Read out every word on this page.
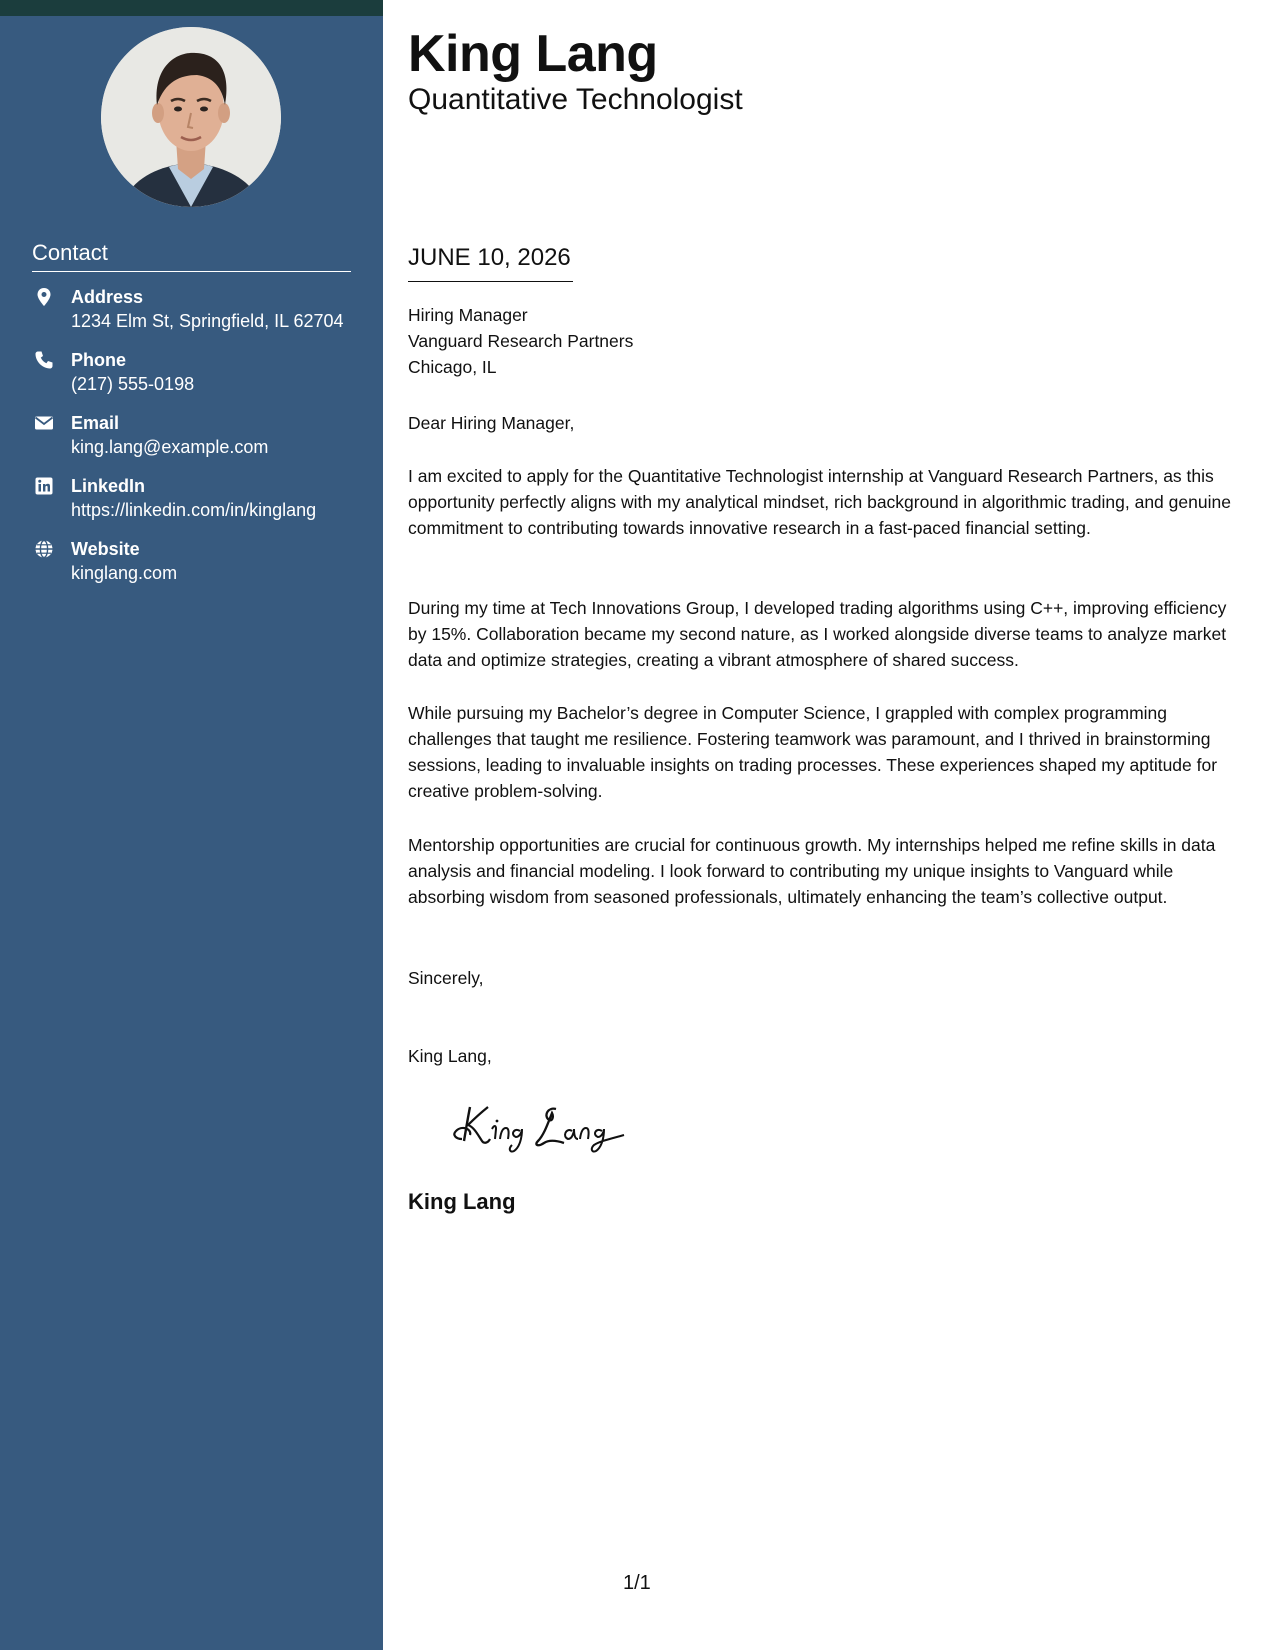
Contact
Address
1234 Elm St, Springfield, IL 62704
Phone
(217) 555-0198
Email
king.lang@example.com
LinkedIn
https://linkedin.com/in/kinglang
Website
kinglang.com
King Lang
Quantitative Technologist
JUNE 10, 2026
Hiring Manager
Vanguard Research Partners
Chicago, IL
Dear Hiring Manager,

I am excited to apply for the Quantitative Technologist internship at Vanguard Research Partners, as this opportunity perfectly aligns with my analytical mindset, rich background in algorithmic trading, and genuine commitment to contributing towards innovative research in a fast-paced financial setting.

During my time at Tech Innovations Group, I developed trading algorithms using C++, improving efficiency by 15%. Collaboration became my second nature, as I worked alongside diverse teams to analyze market data and optimize strategies, creating a vibrant atmosphere of shared success.

While pursuing my Bachelor’s degree in Computer Science, I grappled with complex programming challenges that taught me resilience. Fostering teamwork was paramount, and I thrived in brainstorming sessions, leading to invaluable insights on trading processes. These experiences shaped my aptitude for creative problem-solving.

Mentorship opportunities are crucial for continuous growth. My internships helped me refine skills in data analysis and financial modeling. I look forward to contributing my unique insights to Vanguard while absorbing wisdom from seasoned professionals, ultimately enhancing the team’s collective output.

Sincerely,
King Lang,
King Lang
1/1
